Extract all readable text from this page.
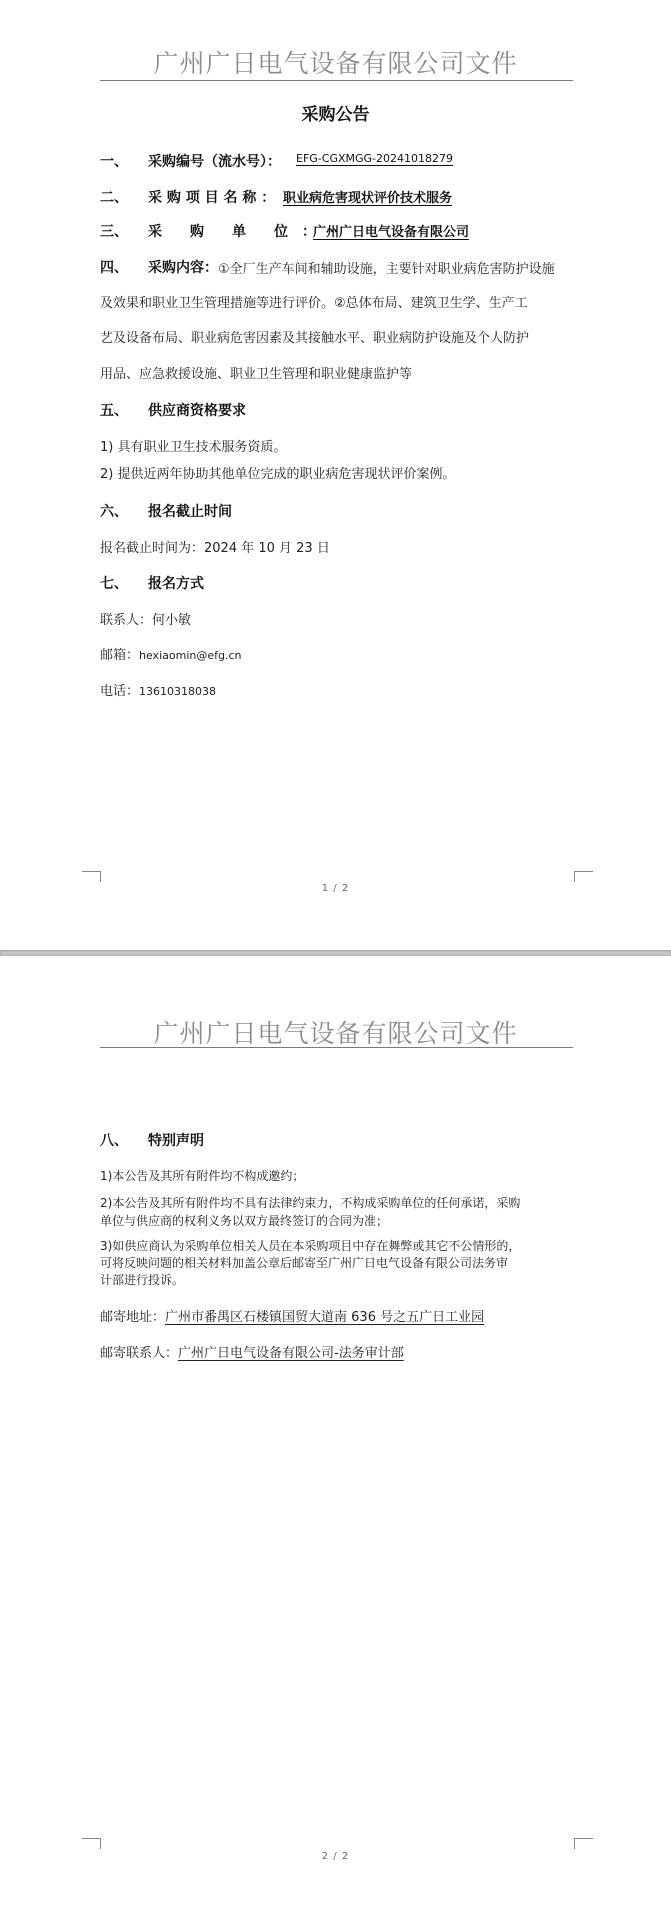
广州广日电气设备有限公司文件
采购公告
一、 采购编号（流水号）： EFG-CGXMGG-20241018279
二、 采 购 项 目 名 称 ： 职业病危害现状评价技术服务
三、 采　　购　　单　　位　：
广州广日电气设备有限公司
四、 采购内容： ①全厂生产车间和辅助设施，主要针对职业病危害防护设施
及效果和职业卫生管理措施等进行评价。②总体布局、建筑卫生学、生产工
艺及设备布局、职业病危害因素及其接触水平、职业病防护设施及个人防护
用品、应急救援设施、职业卫生管理和职业健康监护等
五、 供应商资格要求
1) 具有职业卫生技术服务资质。
2) 提供近两年协助其他单位完成的职业病危害现状评价案例。
六、 报名截止时间
报名截止时间为：2024 年 10 月 23 日
七、 报名方式
联系人：何小敏
邮箱：hexiaomin@efg.cn
电话：13610318038
1 / 2
广州广日电气设备有限公司文件
八、 特别声明
1)本公告及其所有附件均不构成邀约；
2)本公告及其所有附件均不具有法律约束力，不构成采购单位的任何承诺，采购
单位与供应商的权利义务以双方最终签订的合同为准；
3)如供应商认为采购单位相关人员在本采购项目中存在舞弊或其它不公情形的，
可将反映问题的相关材料加盖公章后邮寄至广州广日电气设备有限公司法务审
计部进行投诉。
邮寄地址：广州市番禺区石楼镇国贸大道南 636 号之五广日工业园
邮寄联系人：广州广日电气设备有限公司-法务审计部
2 / 2
